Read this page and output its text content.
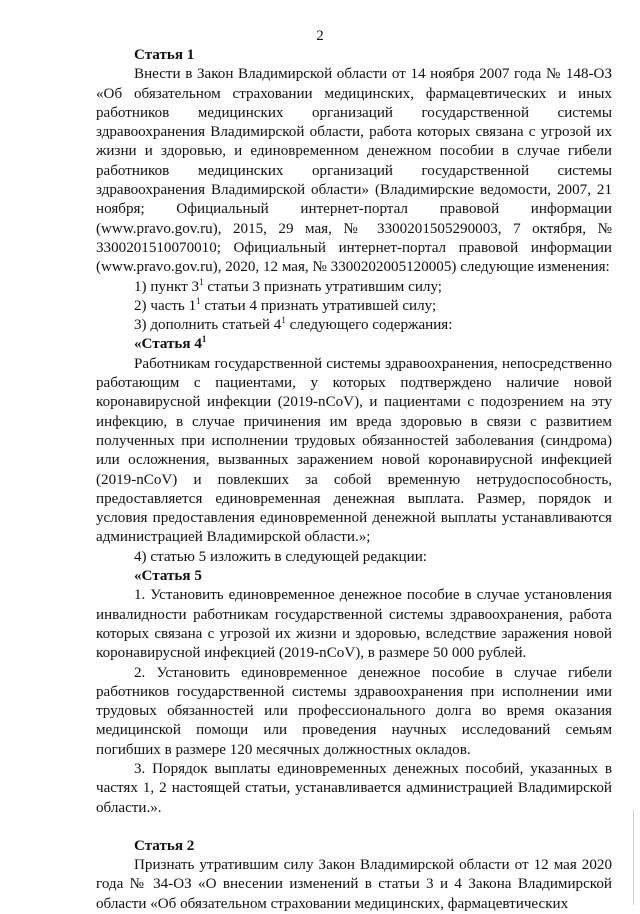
2

Статья 1

Внести в Закон Владимирской области от 14 ноября 2007 года № 148-ОЗ «Об обязательном страховании медицинских, фармацевтических и иных работников медицинских организаций государственной системы здравоохранения Владимирской области, работа которых связана с угрозой их жизни и здоровью, и единовременном денежном пособии в случае гибели работников медицинских организаций государственной системы здравоохранения Владимирской области» (Владимирские ведомости, 2007, 21 ноября; Официальный интернет-портал правовой информации (www.pravo.gov.ru), 2015, 29 мая, № 3300201505290003, 7 октября, № 3300201510070010; Официальный интернет-портал правовой информации (www.pravo.gov.ru), 2020, 12 мая, № 3300202005120005) следующие изменения:

1) пункт $3^1$ статьи 3 признать утратившим силу;

2) часть $1^1$ статьи 4 признать утратившей силу;

3) дополнить статьей $4^1$ следующего содержания:

«Статья $4^1$

Работникам государственной системы здравоохранения, непосредственно работающим с пациентами, у которых подтверждено наличие новой коронавирусной инфекции (2019-nCoV), и пациентами с подозрением на эту инфекцию, в случае причинения им вреда здоровью в связи с развитием полученных при исполнении трудовых обязанностей заболевания (синдрома) или осложнения, вызванных заражением новой коронавирусной инфекцией (2019-nCoV) и повлекших за собой временную нетрудоспособность, предоставляется единовременная денежная выплата. Размер, порядок и условия предоставления единовременной денежной выплаты устанавливаются администрацией Владимирской области.»;

4) статью 5 изложить в следующей редакции:

«Статья 5

1. Установить единовременное денежное пособие в случае установления инвалидности работникам государственной системы здравоохранения, работа которых связана с угрозой их жизни и здоровью, вследствие заражения новой коронавирусной инфекцией (2019-nCoV), в размере 50 000 рублей.

2. Установить единовременное денежное пособие в случае гибели работников государственной системы здравоохранения при исполнении ими трудовых обязанностей или профессионального долга во время оказания медицинской помощи или проведения научных исследований семьям погибших в размере 120 месячных должностных окладов.

3. Порядок выплаты единовременных денежных пособий, указанных в частях 1, 2 настоящей статьи, устанавливается администрацией Владимирской области.».

Статья 2

Признать утратившим силу Закон Владимирской области от 12 мая 2020 года № 34-ОЗ «О внесении изменений в статьи 3 и 4 Закона Владимирской области «Об обязательном страховании медицинских, фармацевтических
